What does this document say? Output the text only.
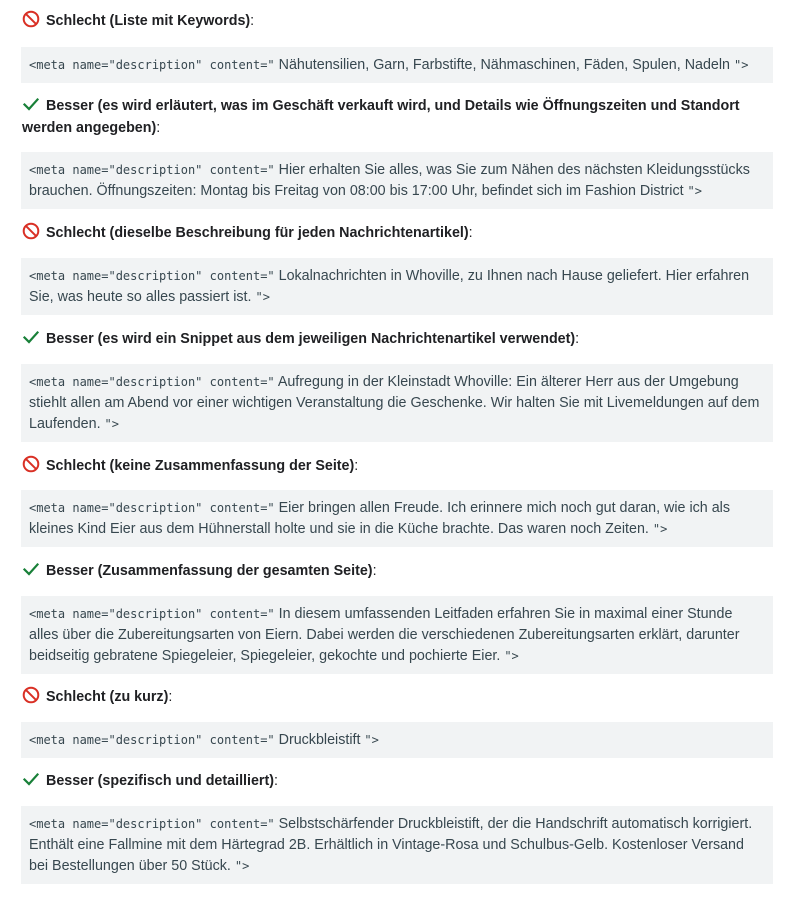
Schlecht (Liste mit Keywords):
<meta name="description" content=" Nähutensilien, Garn, Farbstifte, Nähmaschinen, Fäden, Spulen, Nadeln ">
Besser (es wird erläutert, was im Geschäft verkauft wird, und Details wie Öffnungszeiten und Standort werden angegeben):
<meta name="description" content=" Hier erhalten Sie alles, was Sie zum Nähen des nächsten Kleidungsstücks brauchen. Öffnungszeiten: Montag bis Freitag von 08:00 bis 17:00 Uhr, befindet sich im Fashion District ">
Schlecht (dieselbe Beschreibung für jeden Nachrichtenartikel):
<meta name="description" content=" Lokalnachrichten in Whoville, zu Ihnen nach Hause geliefert. Hier erfahren Sie, was heute so alles passiert ist. ">
Besser (es wird ein Snippet aus dem jeweiligen Nachrichtenartikel verwendet):
<meta name="description" content=" Aufregung in der Kleinstadt Whoville: Ein älterer Herr aus der Umgebung stiehlt allen am Abend vor einer wichtigen Veranstaltung die Geschenke. Wir halten Sie mit Livemeldungen auf dem Laufenden. ">
Schlecht (keine Zusammenfassung der Seite):
<meta name="description" content=" Eier bringen allen Freude. Ich erinnere mich noch gut daran, wie ich als kleines Kind Eier aus dem Hühnerstall holte und sie in die Küche brachte. Das waren noch Zeiten. ">
Besser (Zusammenfassung der gesamten Seite):
<meta name="description" content=" In diesem umfassenden Leitfaden erfahren Sie in maximal einer Stunde alles über die Zubereitungsarten von Eiern. Dabei werden die verschiedenen Zubereitungsarten erklärt, darunter beidseitig gebratene Spiegeleier, Spiegeleier, gekochte und pochierte Eier. ">
Schlecht (zu kurz):
<meta name="description" content=" Druckbleistift ">
Besser (spezifisch und detailliert):
<meta name="description" content=" Selbstschärfender Druckbleistift, der die Handschrift automatisch korrigiert. Enthält eine Fallmine mit dem Härtegrad 2B. Erhältlich in Vintage-Rosa und Schulbus-Gelb. Kostenloser Versand bei Bestellungen über 50 Stück. ">
